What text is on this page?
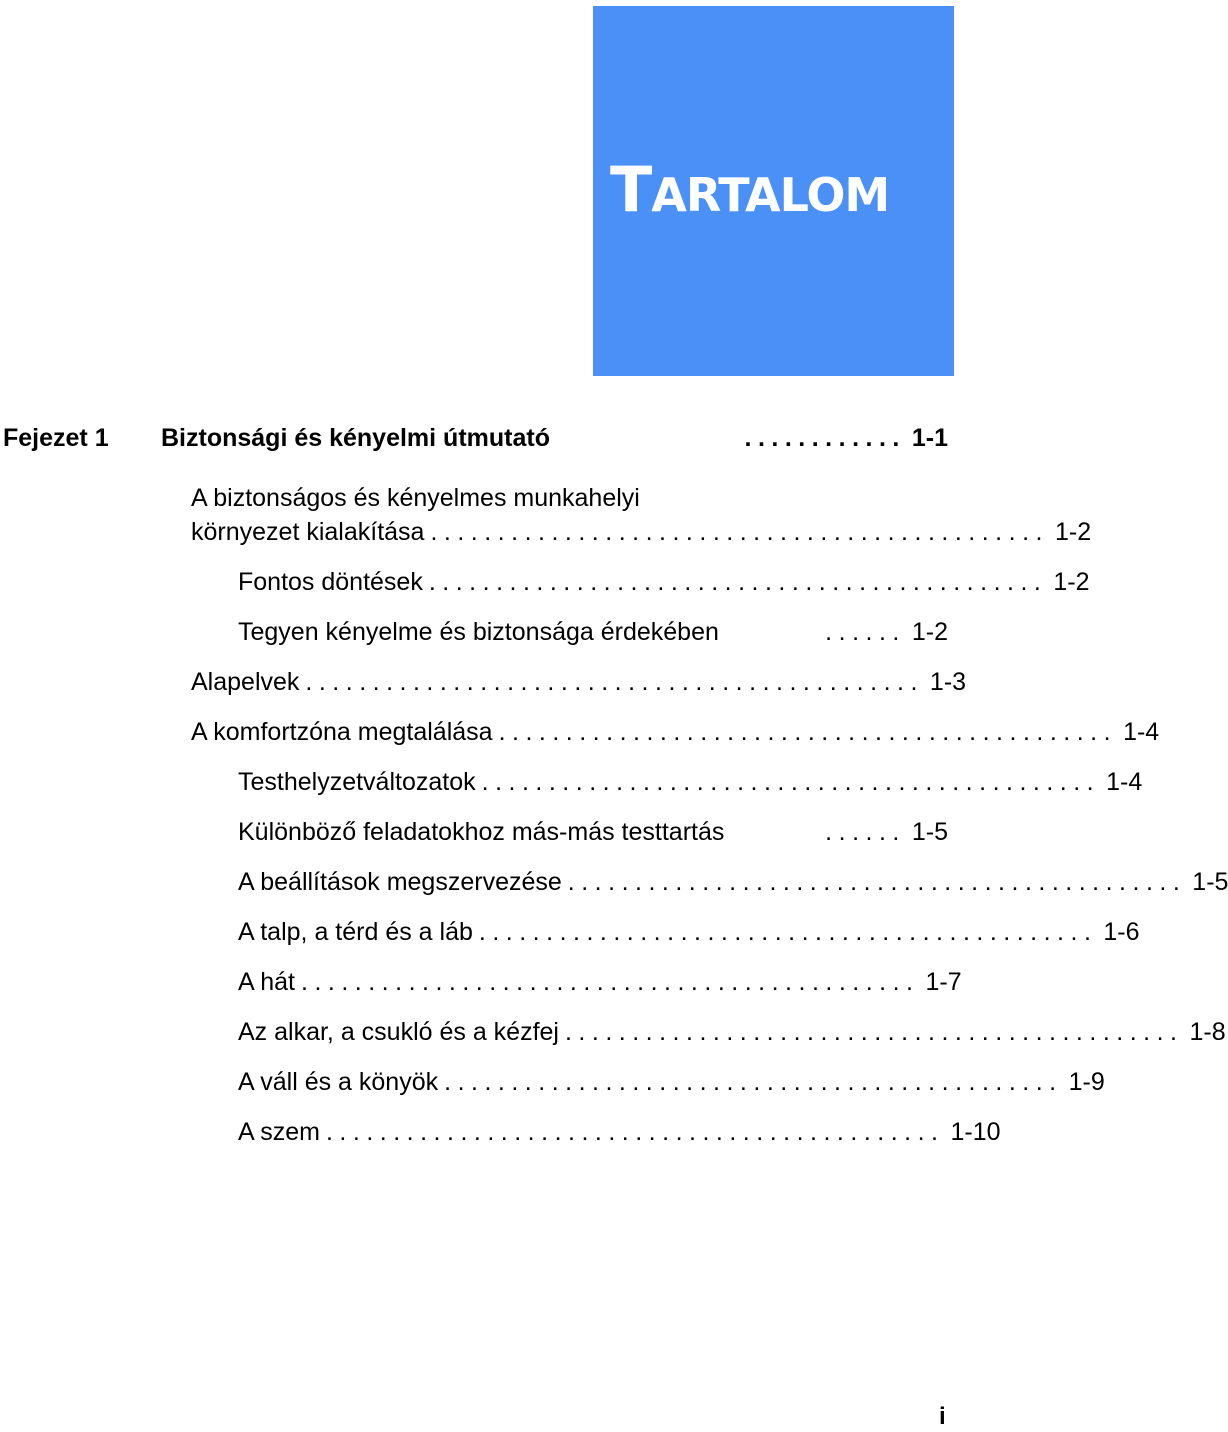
TARTALOM
Fejezet 1	Biztonsági és kényelmi útmutató	............ 1-1
A biztonságos és kényelmes munkahelyi
környezet kialakítása .............................................. 1-2
Fontos döntések .............................................. 1-2
Tegyen kényelme és biztonsága érdekében	...... 1-2
Alapelvek .............................................. 1-3
A komfortzóna megtalálása .............................................. 1-4
Testhelyzetváltozatok .............................................. 1-4
Különböző feladatokhoz más-más testtartás	...... 1-5
A beállítások megszervezése .............................................. 1-5
A talp, a térd és a láb .............................................. 1-6
A hát .............................................. 1-7
Az alkar, a csukló és a kézfej .............................................. 1-8
A váll és a könyök .............................................. 1-9
A szem .............................................. 1-10
i
